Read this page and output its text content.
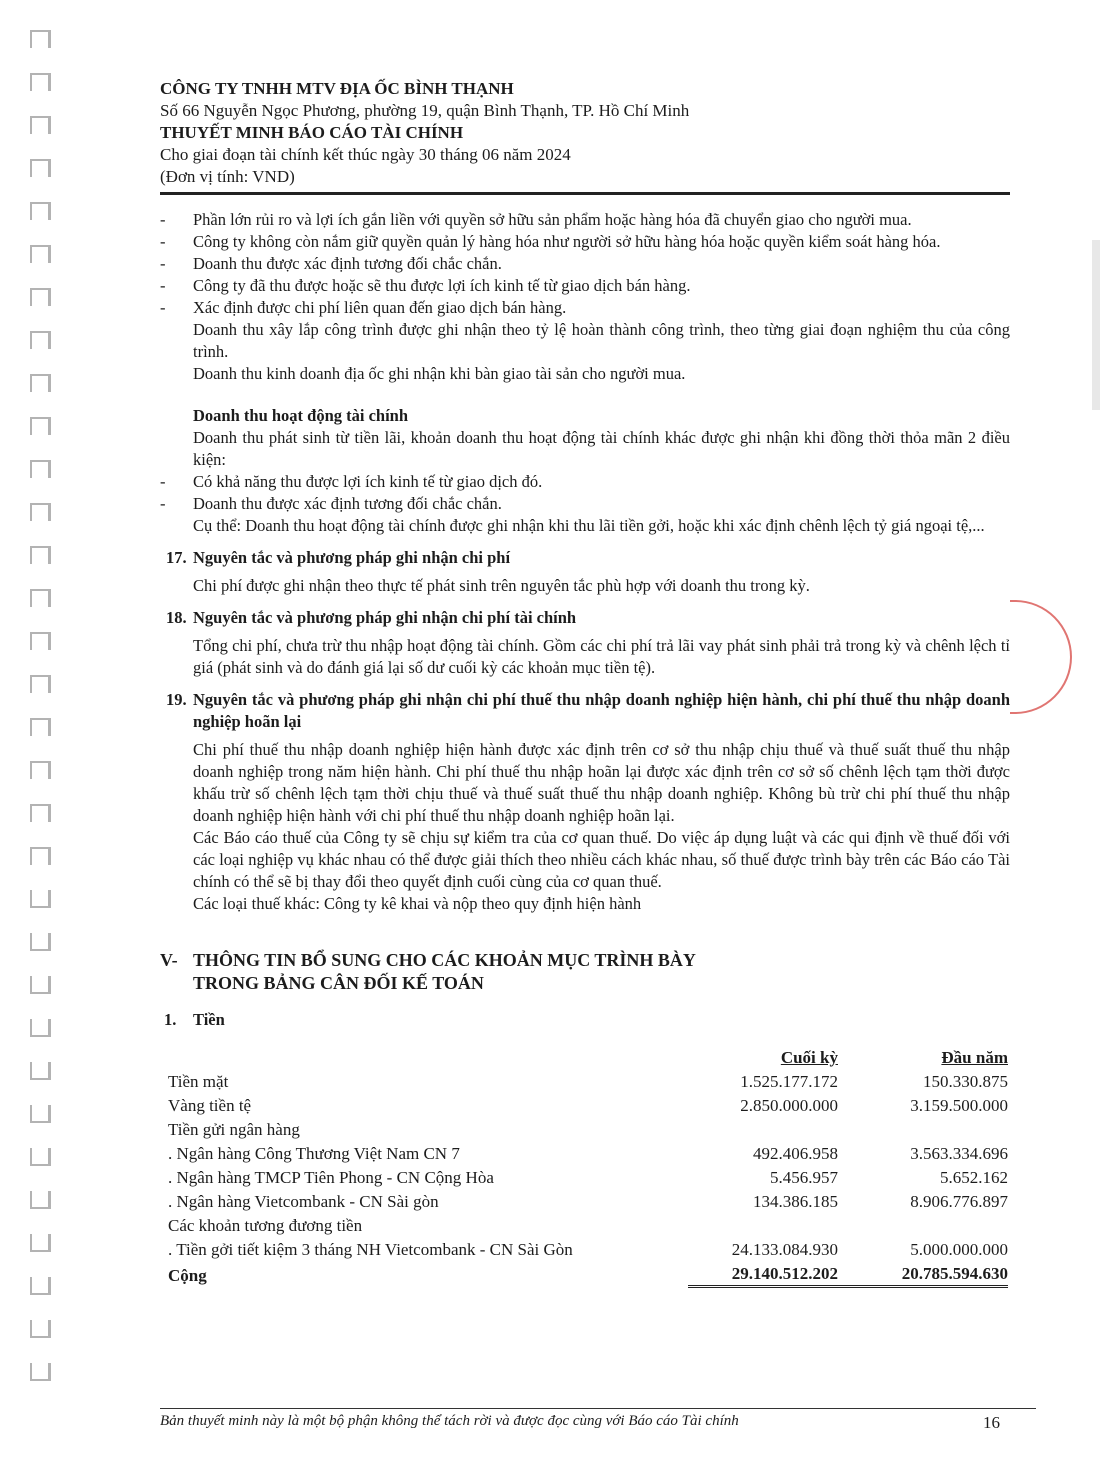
CÔNG TY TNHH MTV ĐỊA ỐC BÌNH THẠNH
Số 66 Nguyễn Ngọc Phương, phường 19, quận Bình Thạnh, TP. Hồ Chí Minh
THUYẾT MINH BÁO CÁO TÀI CHÍNH
Cho giai đoạn tài chính kết thúc ngày 30 tháng 06 năm 2024
(Đơn vị tính: VND)
-	Phần lớn rủi ro và lợi ích gắn liền với quyền sở hữu sản phẩm hoặc hàng hóa đã chuyển giao cho người mua.
-	Công ty không còn nắm giữ quyền quản lý hàng hóa như người sở hữu hàng hóa hoặc quyền kiểm soát hàng hóa.
-	Doanh thu được xác định tương đối chắc chắn.
-	Công ty đã thu được hoặc sẽ thu được lợi ích kinh tế từ giao dịch bán hàng.
-	Xác định được chi phí liên quan đến giao dịch bán hàng.
Doanh thu xây lắp công trình được ghi nhận theo tỷ lệ hoàn thành công trình, theo từng giai đoạn nghiệm thu của công trình.
Doanh thu kinh doanh địa ốc ghi nhận khi bàn giao tài sản cho người mua.
Doanh thu hoạt động tài chính
Doanh thu phát sinh từ tiền lãi, khoản doanh thu hoạt động tài chính khác được ghi nhận khi đồng thời thỏa mãn 2 điều kiện:
-	Có khả năng thu được lợi ích kinh tế từ giao dịch đó.
-	Doanh thu được xác định tương đối chắc chắn.
Cụ thể: Doanh thu hoạt động tài chính được ghi nhận khi thu lãi tiền gởi, hoặc khi xác định chênh lệch tỷ giá ngoại tệ,...
17. Nguyên tắc và phương pháp ghi nhận chi phí
Chi phí được ghi nhận theo thực tế phát sinh trên nguyên tắc phù hợp với doanh thu trong kỳ.
18. Nguyên tắc và phương pháp ghi nhận chi phí tài chính
Tổng chi phí, chưa trừ thu nhập hoạt động tài chính. Gồm các chi phí trả lãi vay phát sinh phải trả trong kỳ và chênh lệch tỉ giá (phát sinh và do đánh giá lại số dư cuối kỳ các khoản mục tiền tệ).
19. Nguyên tắc và phương pháp ghi nhận chi phí thuế thu nhập doanh nghiệp hiện hành, chi phí thuế thu nhập doanh nghiệp hoãn lại
Chi phí thuế thu nhập doanh nghiệp hiện hành được xác định trên cơ sở thu nhập chịu thuế và thuế suất thuế thu nhập doanh nghiệp trong năm hiện hành. Chi phí thuế thu nhập hoãn lại được xác định trên cơ sở số chênh lệch tạm thời được khấu trừ số chênh lệch tạm thời chịu thuế và thuế suất thuế thu nhập doanh nghiệp. Không bù trừ chi phí thuế thu nhập doanh nghiệp hiện hành với chi phí thuế thu nhập doanh nghiệp hoãn lại.
Các Báo cáo thuế của Công ty sẽ chịu sự kiểm tra của cơ quan thuế. Do việc áp dụng luật và các qui định về thuế đối với các loại nghiệp vụ khác nhau có thể được giải thích theo nhiều cách khác nhau, số thuế được trình bày trên các Báo cáo Tài chính có thể sẽ bị thay đổi theo quyết định cuối cùng của cơ quan thuế.
Các loại thuế khác: Công ty kê khai và nộp theo quy định hiện hành
V- THÔNG TIN BỔ SUNG CHO CÁC KHOẢN MỤC TRÌNH BÀY
TRONG BẢNG CÂN ĐỐI KẾ TOÁN
1.	Tiền
	Cuối kỳ	Đầu năm
Tiền mặt	1.525.177.172	150.330.875
Vàng tiền tệ	2.850.000.000	3.159.500.000
Tiền gửi ngân hàng		
. Ngân hàng Công Thương Việt Nam CN 7	492.406.958	3.563.334.696
. Ngân hàng TMCP Tiên Phong - CN Cộng Hòa	5.456.957	5.652.162
. Ngân hàng Vietcombank - CN Sài gòn	134.386.185	8.906.776.897
Các khoản tương đương tiền		
. Tiền gởi tiết kiệm 3 tháng NH Vietcombank - CN Sài Gòn	24.133.084.930	5.000.000.000
Cộng	29.140.512.202	20.785.594.630
Bản thuyết minh này là một bộ phận không thể tách rời và được đọc cùng với Báo cáo Tài chính	16
